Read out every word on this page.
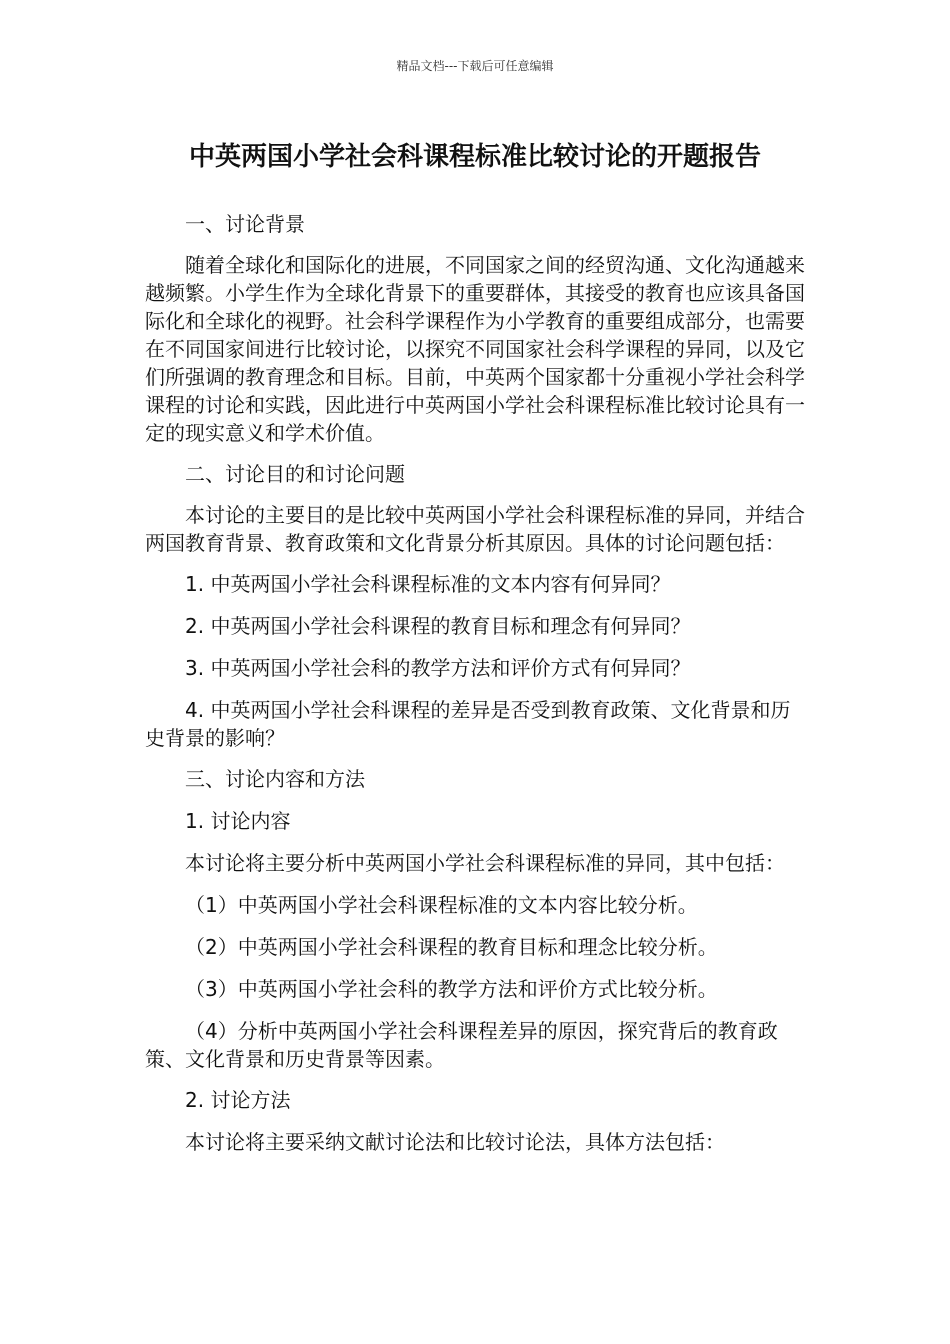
精品文档---下载后可任意编辑
中英两国小学社会科课程标准比较讨论的开题报告

一、讨论背景

随着全球化和国际化的进展，不同国家之间的经贸沟通、文化沟通越来越频繁。小学生作为全球化背景下的重要群体，其接受的教育也应该具备国际化和全球化的视野。社会科学课程作为小学教育的重要组成部分，也需要在不同国家间进行比较讨论，以探究不同国家社会科学课程的异同，以及它们所强调的教育理念和目标。目前，中英两个国家都十分重视小学社会科学课程的讨论和实践，因此进行中英两国小学社会科课程标准比较讨论具有一定的现实意义和学术价值。

二、讨论目的和讨论问题

本讨论的主要目的是比较中英两国小学社会科课程标准的异同，并结合两国教育背景、教育政策和文化背景分析其原因。具体的讨论问题包括：

1. 中英两国小学社会科课程标准的文本内容有何异同？

2. 中英两国小学社会科课程的教育目标和理念有何异同？

3. 中英两国小学社会科的教学方法和评价方式有何异同？

4. 中英两国小学社会科课程的差异是否受到教育政策、文化背景和历史背景的影响？

三、讨论内容和方法

1. 讨论内容

本讨论将主要分析中英两国小学社会科课程标准的异同，其中包括：

（1）中英两国小学社会科课程标准的文本内容比较分析。

（2）中英两国小学社会科课程的教育目标和理念比较分析。

（3）中英两国小学社会科的教学方法和评价方式比较分析。

（4）分析中英两国小学社会科课程差异的原因，探究背后的教育政策、文化背景和历史背景等因素。

2. 讨论方法

本讨论将主要采纳文献讨论法和比较讨论法，具体方法包括：
